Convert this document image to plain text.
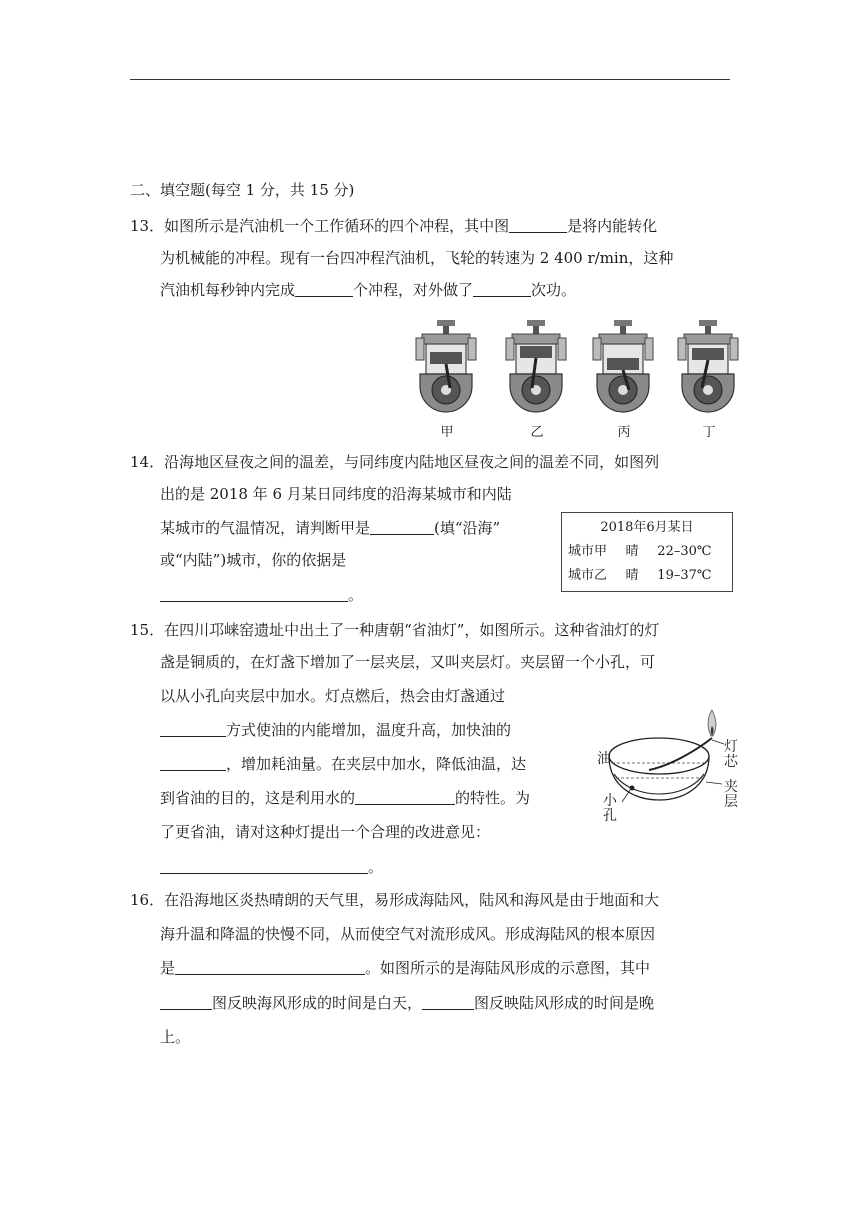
二、填空题(每空 1 分，共 15 分)
13．如图所示是汽油机一个工作循环的四个冲程，其中图	是将内能转化
为机械能的冲程。现有一台四冲程汽油机，飞轮的转速为 2 400 r/min，这种
汽油机每秒钟内完成	个冲程，对外做了	次功。
甲	乙	丙	丁
14．沿海地区昼夜之间的温差，与同纬度内陆地区昼夜之间的温差不同，如图列
出的是 2018 年 6 月某日同纬度的沿海某城市和内陆
某城市的气温情况，请判断甲是	(填“沿海”
或“内陆”)城市，你的依据是
。
2018年6月某日
城市甲 晴 22–30℃
城市乙 晴 19–37℃
15．在四川邛崃窑遗址中出土了一种唐朝“省油灯”，如图所示。这种省油灯的灯
盏是铜质的，在灯盏下增加了一层夹层，又叫夹层灯。夹层留一个小孔，可
以从小孔向夹层中加水。灯点燃后，热会由灯盏通过
方式使油的内能增加，温度升高，加快油的
，增加耗油量。在夹层中加水，降低油温，达
到省油的目的，这是利用水的	的特性。为
了更省油，请对这种灯提出一个合理的改进意见：
。
油
灯芯
夹层
小孔
16．在沿海地区炎热晴朗的天气里，易形成海陆风，陆风和海风是由于地面和大
海升温和降温的快慢不同，从而使空气对流形成风。形成海陆风的根本原因
是	。如图所示的是海陆风形成的示意图，其中
图反映海风形成的时间是白天，	图反映陆风形成的时间是晚
上。
